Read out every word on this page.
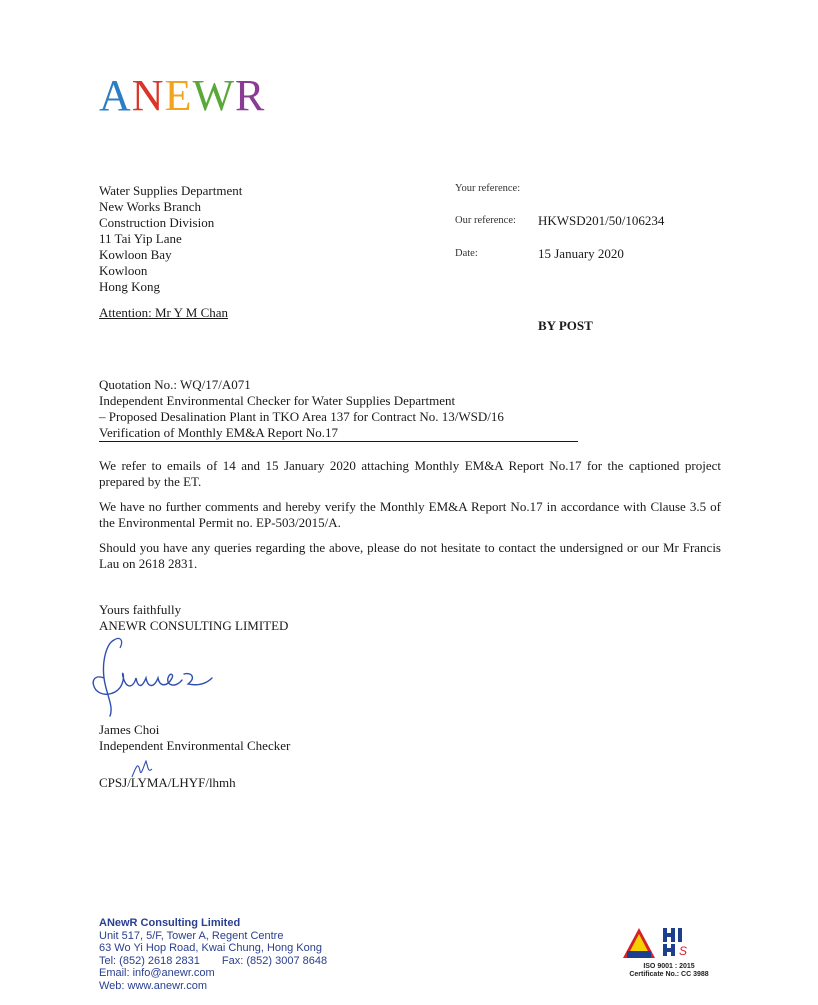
ANEWR
Water Supplies Department
New Works Branch
Construction Division
11 Tai Yip Lane
Kowloon Bay
Kowloon
Hong Kong
Attention: Mr Y M Chan
Your reference:
Our reference: HKWSD201/50/106234
Date:	15 January 2020
BY POST
Quotation No.: WQ/17/A071
Independent Environmental Checker for Water Supplies Department
– Proposed Desalination Plant in TKO Area 137 for Contract No. 13/WSD/16
Verification of Monthly EM&A Report No.17
We refer to emails of 14 and 15 January 2020 attaching Monthly EM&A Report No.17 for the captioned project prepared by the ET.
We have no further comments and hereby verify the Monthly EM&A Report No.17 in accordance with Clause 3.5 of the Environmental Permit no. EP-503/2015/A.
Should you have any queries regarding the above, please do not hesitate to contact the undersigned or our Mr Francis Lau on 2618 2831.
Yours faithfully
ANEWR CONSULTING LIMITED
James Choi
Independent Environmental Checker
CPSJ/LYMA/LHYF/lhmh
ANewR Consulting Limited
Unit 517, 5/F, Tower A, Regent Centre
63 Wo Yi Hop Road, Kwai Chung, Hong Kong
Tel: (852) 2618 2831 Fax: (852) 3007 8648
Email: info@anewr.com
Web: www.anewr.com
S
ISO 9001 : 2015
Certificate No.: CC 3988
